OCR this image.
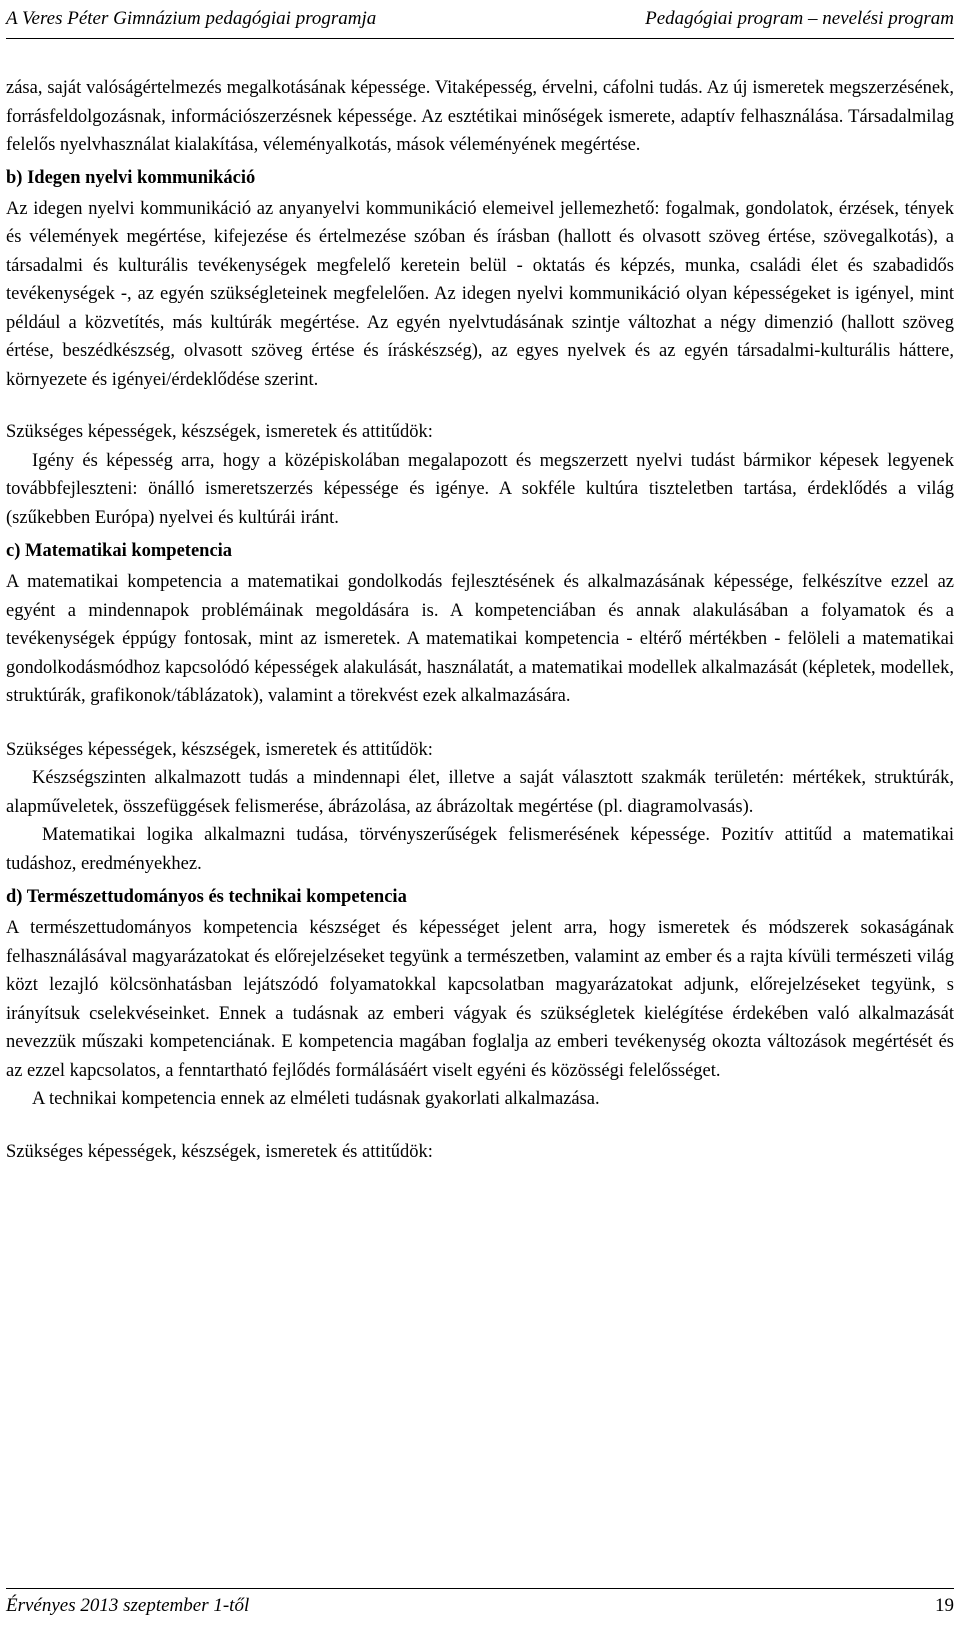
A Veres Péter Gimnázium pedagógiai programja	Pedagógiai program – nevelési program

zása, saját valóságértelmezés megalkotásának képessége. Vitaképesség, érvelni, cáfolni tudás. Az új ismeretek megszerzésének, forrásfeldolgozásnak, információszerzésnek képessége. Az esztétikai minőségek ismerete, adaptív felhasználása. Társadalmilag felelős nyelvhasználat kialakítása, véleményalkotás, mások véleményének megértése.

b) Idegen nyelvi kommunikáció

Az idegen nyelvi kommunikáció az anyanyelvi kommunikáció elemeivel jellemezhető: fogalmak, gondolatok, érzések, tények és vélemények megértése, kifejezése és értelmezése szóban és írásban (hallott és olvasott szöveg értése, szövegalkotás), a társadalmi és kulturális tevékenységek megfelelő keretein belül - oktatás és képzés, munka, családi élet és szabadidős tevékenységek -, az egyén szükségleteinek megfelelően. Az idegen nyelvi kommunikáció olyan képességeket is igényel, mint például a közvetítés, más kultúrák megértése. Az egyén nyelvtudásának szintje változhat a négy dimenzió (hallott szöveg értése, beszédkészség, olvasott szöveg értése és íráskészség), az egyes nyelvek és az egyén társadalmi-kulturális háttere, környezete és igényei/érdeklődése szerint.

Szükséges képességek, készségek, ismeretek és attitűdök:

Igény és képesség arra, hogy a középiskolában megalapozott és megszerzett nyelvi tudást bármikor képesek legyenek továbbfejleszteni: önálló ismeretszerzés képessége és igénye. A sokféle kultúra tiszteletben tartása, érdeklődés a világ (szűkebben Európa) nyelvei és kultúrái iránt.

c) Matematikai kompetencia

A matematikai kompetencia a matematikai gondolkodás fejlesztésének és alkalmazásának képessége, felkészítve ezzel az egyént a mindennapok problémáinak megoldására is. A kompetenciában és annak alakulásában a folyamatok és a tevékenységek éppúgy fontosak, mint az ismeretek. A matematikai kompetencia - eltérő mértékben - felöleli a matematikai gondolkodásmódhoz kapcsolódó képességek alakulását, használatát, a matematikai modellek alkalmazását (képletek, modellek, struktúrák, grafikonok/táblázatok), valamint a törekvést ezek alkalmazására.

Szükséges képességek, készségek, ismeretek és attitűdök:

Készségszinten alkalmazott tudás a mindennapi élet, illetve a saját választott szakmák területén: mértékek, struktúrák, alapműveletek, összefüggések felismerése, ábrázolása, az ábrázoltak megértése (pl. diagramolvasás).

Matematikai logika alkalmazni tudása, törvényszerűségek felismerésének képessége. Pozitív attitűd a matematikai tudáshoz, eredményekhez.

d) Természettudományos és technikai kompetencia

A természettudományos kompetencia készséget és képességet jelent arra, hogy ismeretek és módszerek sokaságának felhasználásával magyarázatokat és előrejelzéseket tegyünk a természetben, valamint az ember és a rajta kívüli természeti világ közt lezajló kölcsönhatásban lejátszódó folyamatokkal kapcsolatban magyarázatokat adjunk, előrejelzéseket tegyünk, s irányítsuk cselekvéseinket. Ennek a tudásnak az emberi vágyak és szükségletek kielégítése érdekében való alkalmazását nevezzük műszaki kompetenciának. E kompetencia magában foglalja az emberi tevékenység okozta változások megértését és az ezzel kapcsolatos, a fenntartható fejlődés formálásáért viselt egyéni és közösségi felelősséget.

A technikai kompetencia ennek az elméleti tudásnak gyakorlati alkalmazása.

Szükséges képességek, készségek, ismeretek és attitűdök:

Érvényes 2013 szeptember 1-től	19
